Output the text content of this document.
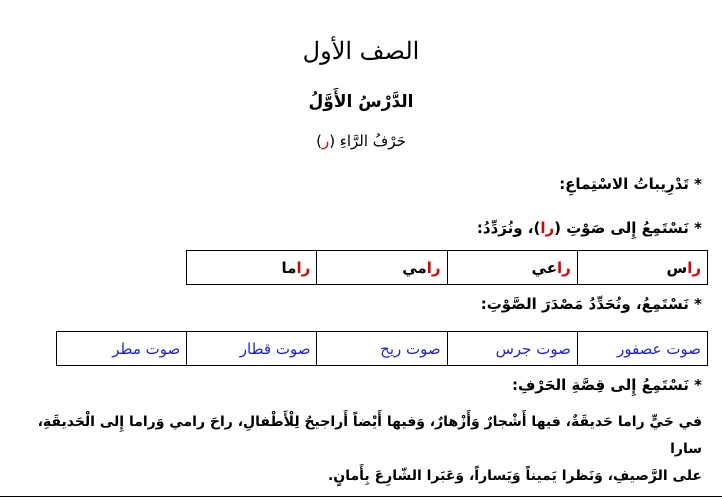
الصف الأول
الدَّرْسُ الأَوَّلُ
حَرْفُ الرَّاءِ (ر)
* تَدْرِيباتُ الاسْتِماعِ:
* نَسْتَمِعُ إِلى صَوْتِ (را)، ونُرَدِّدُ:
راس	راعي	رامي	راما
* نَسْتَمِعُ، ونُحَدِّدُ مَصْدَرَ الصَّوْتِ:
صوت عصفور	صوت جرس	صوت ريح	صوت قطار	صوت مطر
* نَسْتَمِعُ إِلى قِصَّةِ الحَرْفِ:
في حَيٍّ راما حَديقَةٌ، فيها أَشْجارٌ وَأَزْهارٌ، وَفيها أَيْضاً أَراجيحُ لِلْأَطْفالِ، راحَ رامي وَراما إِلى الْحَديقَةِ، سارا
على الرَّصيفِ، وَنَظرا يَميناً وَيَساراً، وَعَبَرا الشّارِعَ بِأَمانٍ.
